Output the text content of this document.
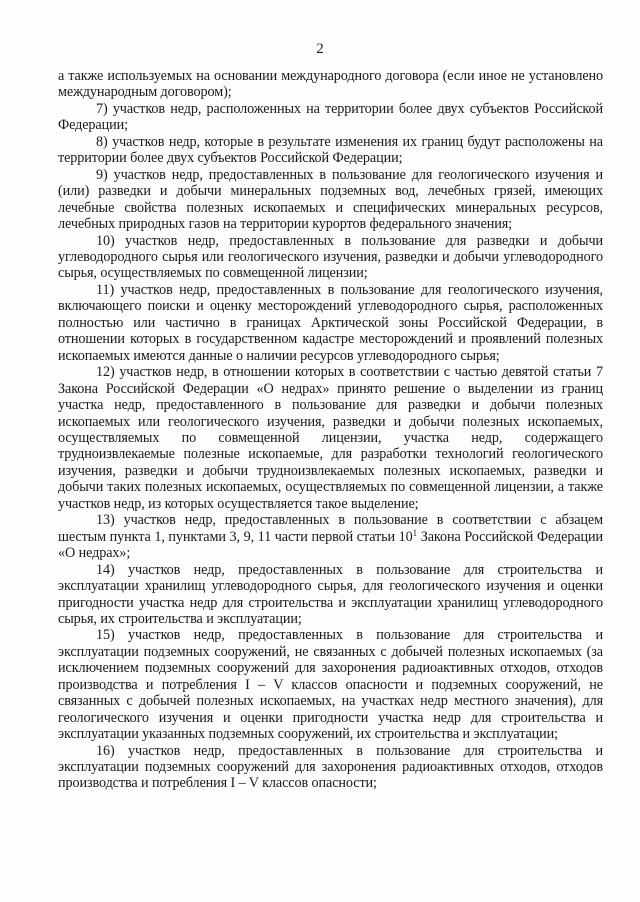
2

а также используемых на основании международного договора (если иное не установлено международным договором);

7) участков недр, расположенных на территории более двух субъектов Российской Федерации;

8) участков недр, которые в результате изменения их границ будут расположены на территории более двух субъектов Российской Федерации;

9) участков недр, предоставленных в пользование для геологического изучения и (или) разведки и добычи минеральных подземных вод, лечебных грязей, имеющих лечебные свойства полезных ископаемых и специфических минеральных ресурсов, лечебных природных газов на территории курортов федерального значения;

10) участков недр, предоставленных в пользование для разведки и добычи углеводородного сырья или геологического изучения, разведки и добычи углеводородного сырья, осуществляемых по совмещенной лицензии;

11) участков недр, предоставленных в пользование для геологического изучения, включающего поиски и оценку месторождений углеводородного сырья, расположенных полностью или частично в границах Арктической зоны Российской Федерации, в отношении которых в государственном кадастре месторождений и проявлений полезных ископаемых имеются данные о наличии ресурсов углеводородного сырья;

12) участков недр, в отношении которых в соответствии с частью девятой статьи 7 Закона Российской Федерации «О недрах» принято решение о выделении из границ участка недр, предоставленного в пользование для разведки и добычи полезных ископаемых или геологического изучения, разведки и добычи полезных ископаемых, осуществляемых по совмещенной лицензии, участка недр, содержащего трудноизвлекаемые полезные ископаемые, для разработки технологий геологического изучения, разведки и добычи трудноизвлекаемых полезных ископаемых, разведки и добычи таких полезных ископаемых, осуществляемых по совмещенной лицензии, а также участков недр, из которых осуществляется такое выделение;

13) участков недр, предоставленных в пользование в соответствии с абзацем шестым пункта 1, пунктами 3, 9, 11 части первой статьи $10^1$ Закона Российской Федерации «О недрах»;

14) участков недр, предоставленных в пользование для строительства и эксплуатации хранилищ углеводородного сырья, для геологического изучения и оценки пригодности участка недр для строительства и эксплуатации хранилищ углеводородного сырья, их строительства и эксплуатации;

15) участков недр, предоставленных в пользование для строительства и эксплуатации подземных сооружений, не связанных с добычей полезных ископаемых (за исключением подземных сооружений для захоронения радиоактивных отходов, отходов производства и потребления I – V классов опасности и подземных сооружений, не связанных с добычей полезных ископаемых, на участках недр местного значения), для геологического изучения и оценки пригодности участка недр для строительства и эксплуатации указанных подземных сооружений, их строительства и эксплуатации;

16) участков недр, предоставленных в пользование для строительства и эксплуатации подземных сооружений для захоронения радиоактивных отходов, отходов производства и потребления I – V классов опасности;
